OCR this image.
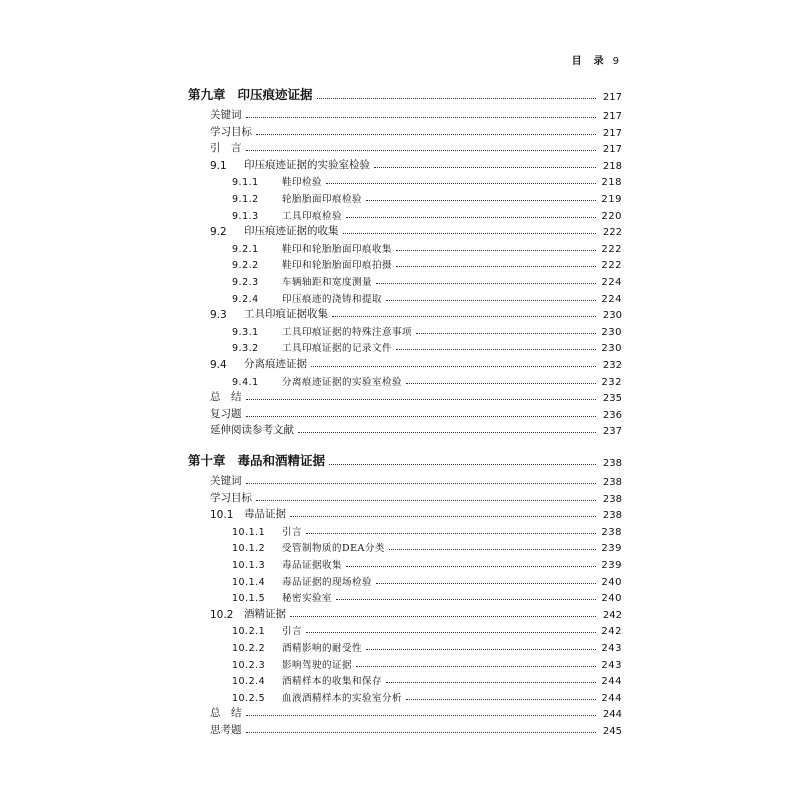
目　录 9
第九章 印压痕迹证据	217
关键词	217
学习目标	217
引　言	217
9.1	印压痕迹证据的实验室检验	218
9.1.1	鞋印检验	218
9.1.2	轮胎胎面印痕检验	219
9.1.3	工具印痕检验	220
9.2	印压痕迹证据的收集	222
9.2.1	鞋印和轮胎胎面印痕收集	222
9.2.2	鞋印和轮胎胎面印痕拍摄	222
9.2.3	车辆轴距和宽度测量	224
9.2.4	印压痕迹的浇铸和提取	224
9.3	工具印痕证据收集	230
9.3.1	工具印痕证据的特殊注意事项	230
9.3.2	工具印痕证据的记录文件	230
9.4	分离痕迹证据	232
9.4.1	分离痕迹证据的实验室检验	232
总　结	235
复习题	236
延伸阅读参考文献	237
第十章 毒品和酒精证据	238
关键词	238
学习目标	238
10.1 毒品证据	238
10.1.1	引言	238
10.1.2	受管制物质的DEA分类	239
10.1.3	毒品证据收集	239
10.1.4	毒品证据的现场检验	240
10.1.5	秘密实验室	240
10.2 酒精证据	242
10.2.1	引言	242
10.2.2	酒精影响的耐受性	243
10.2.3	影响驾驶的证据	243
10.2.4	酒精样本的收集和保存	244
10.2.5	血液酒精样本的实验室分析	244
总　结	244
思考题	245
